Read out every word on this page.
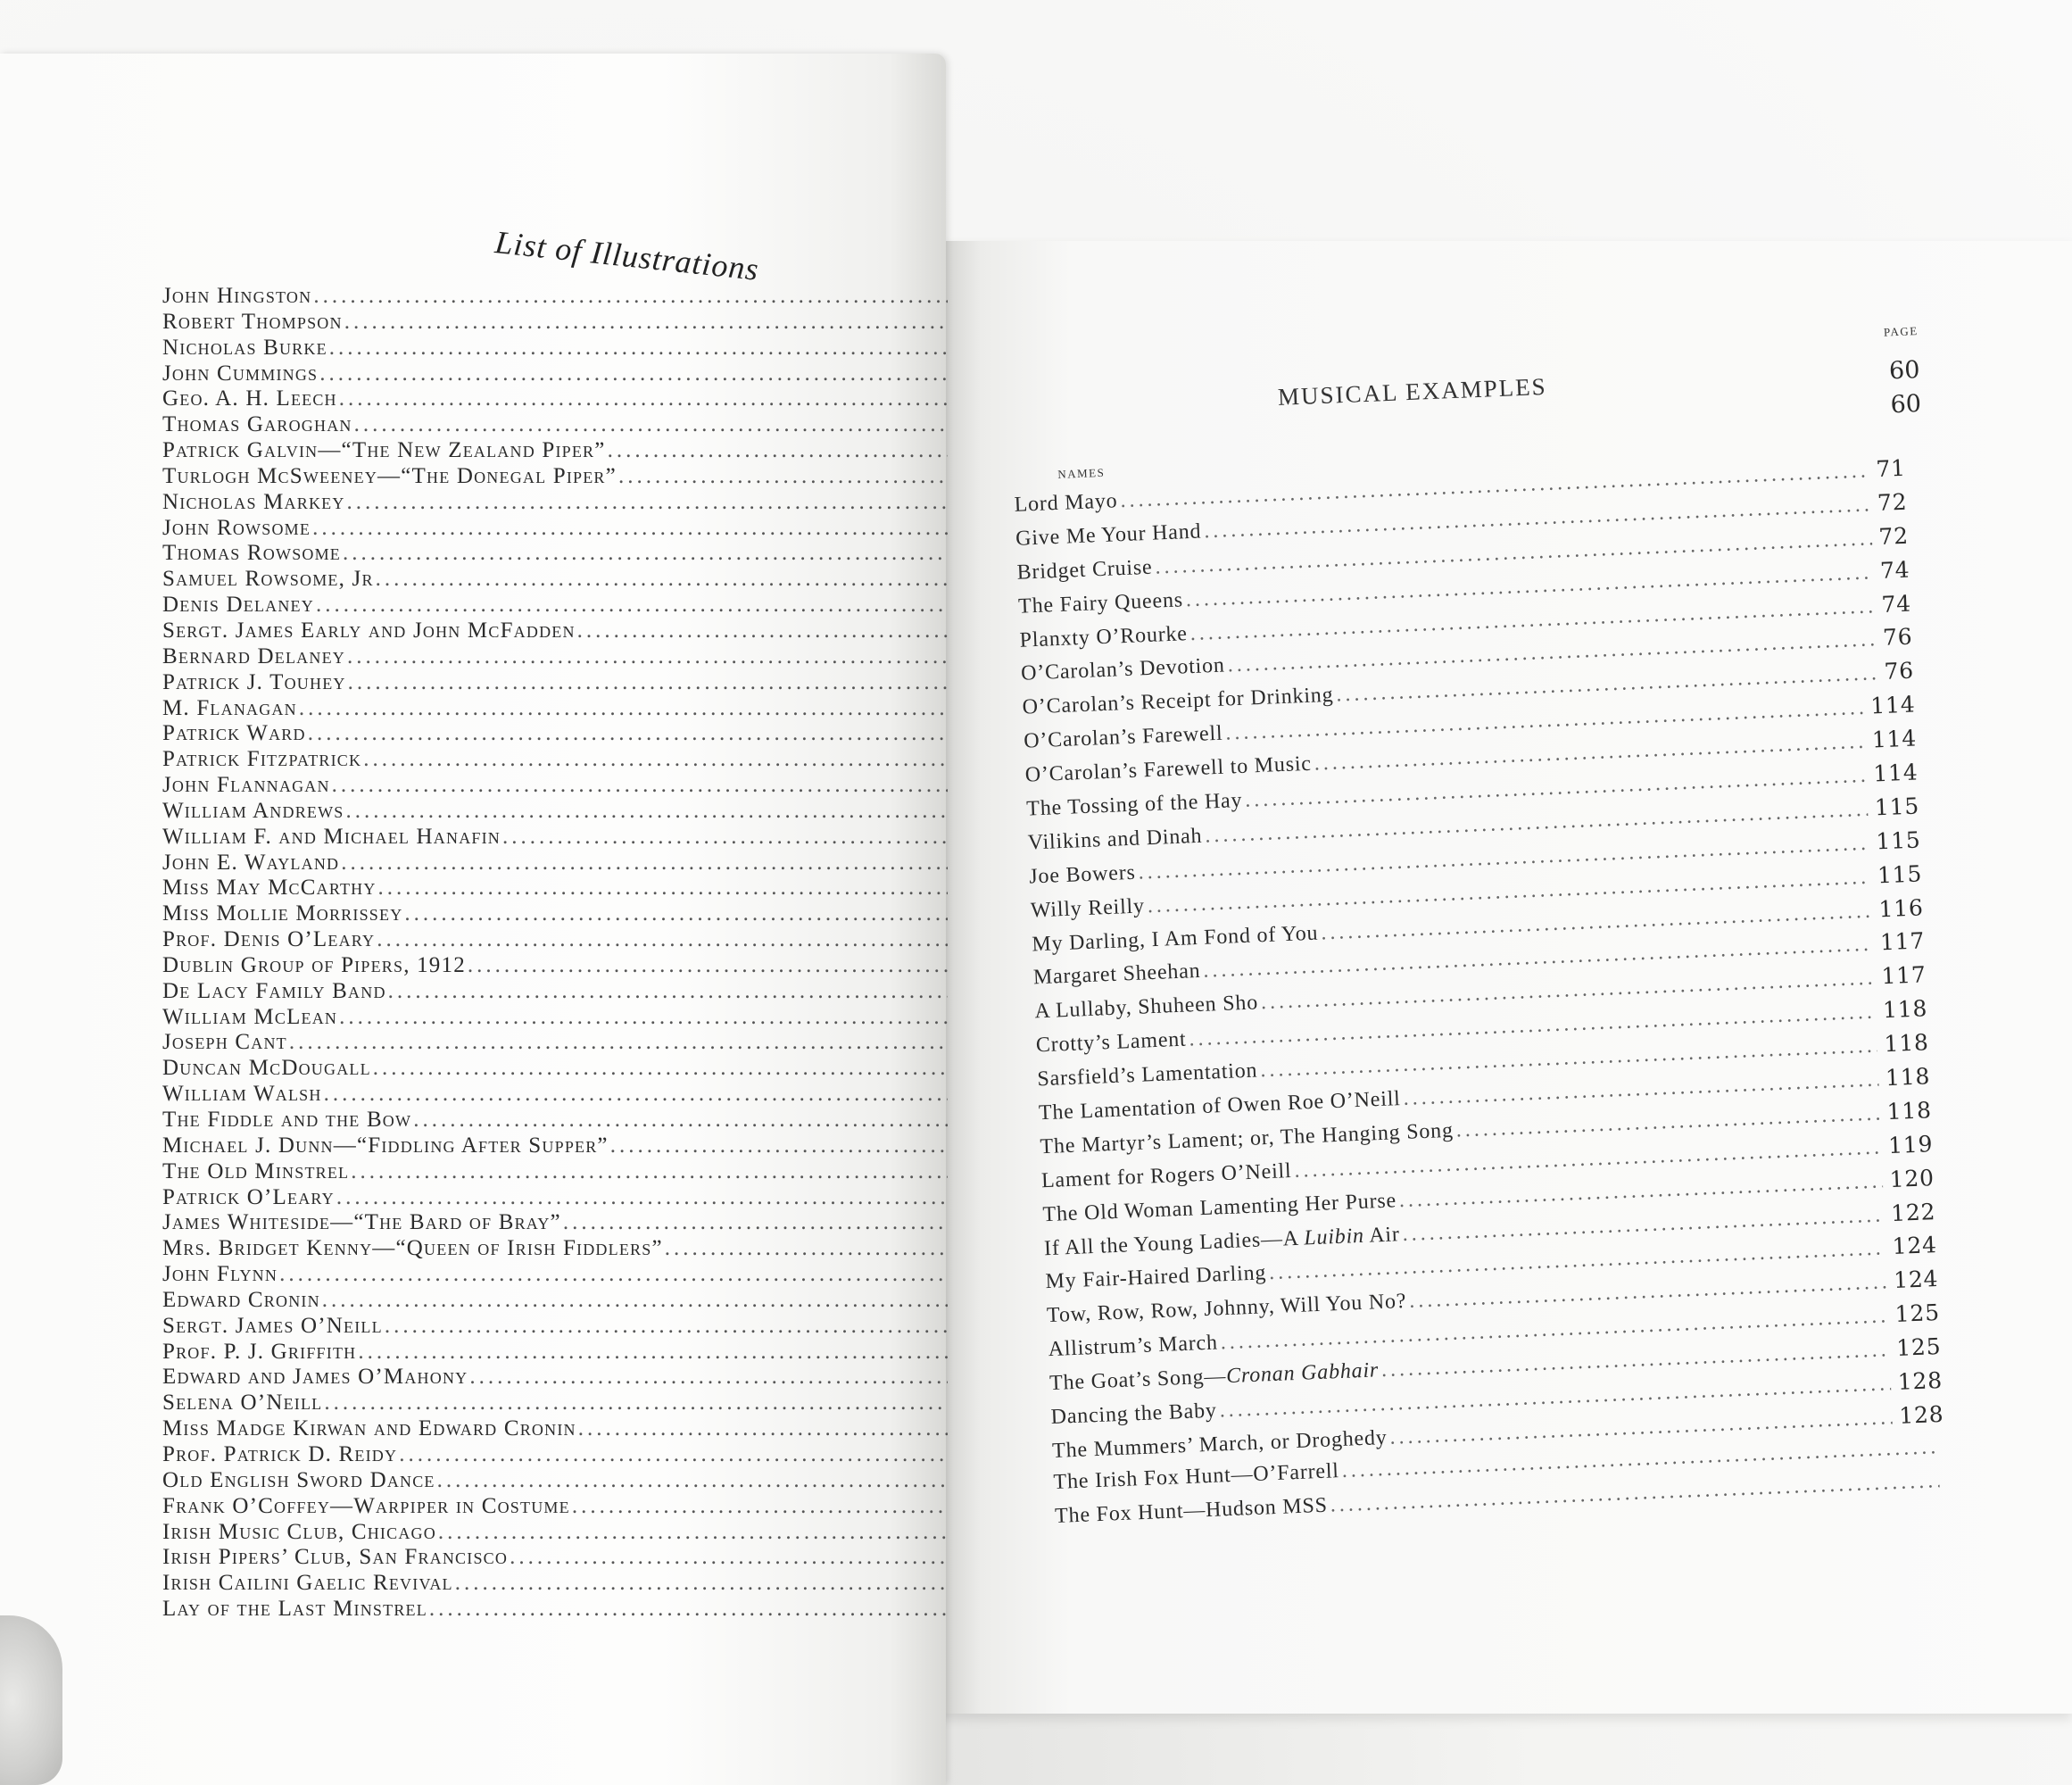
List of Illustrations
John Hingston
.....
Robert Thompson
.....
Nicholas Burke
.....
John Cummings
.....
Geo. A. H. Leech
.....
Thomas Garoghan
.....
Patrick Galvin—“The New Zealand Piper”
.....
Turlogh McSweeney—“The Donegal Piper”
.....
Nicholas Markey
.....
John Rowsome
.....
Thomas Rowsome
.....
Samuel Rowsome, Jr
.....
Denis Delaney
.....
Sergt. James Early and John McFadden
.....
Bernard Delaney
.....
Patrick J. Touhey
.....
M. Flanagan
.....
Patrick Ward
.....
Patrick Fitzpatrick
.....
John Flannagan
.....
William Andrews
.....
William F. and Michael Hanafin
.....
John E. Wayland
.....
Miss May McCarthy
.....
Miss Mollie Morrissey
.....
Prof. Denis O’Leary
.....
Dublin Group of Pipers, 1912
.....
De Lacy Family Band
.....
William McLean
.....
Joseph Cant
.....
Duncan McDougall
.....
William Walsh
.....
The Fiddle and the Bow
.....
Michael J. Dunn—“Fiddling After Supper”
.....
The Old Minstrel
.....
Patrick O’Leary
.....
James Whiteside—“The Bard of Bray”
.....
Mrs. Bridget Kenny—“Queen of Irish Fiddlers”
.....
John Flynn
.....
Edward Cronin
.....
Sergt. James O’Neill
.....
Prof. P. J. Griffith
.....
Edward and James O’Mahony
.....
Selena O’Neill
.....
Miss Madge Kirwan and Edward Cronin
.....
Prof. Patrick D. Reidy
.....
Old English Sword Dance
.....
Frank O’Coffey—Warpiper in Costume
.....
Irish Music Club, Chicago
.....
Irish Pipers’ Club, San Francisco
.....
Irish Cailini Gaelic Revival
.....
Lay of the Last Minstrel
.....
page
MUSICAL EXAMPLES
60
60
names
Lord Mayo
.....
71
Give Me Your Hand
.....
72
Bridget Cruise
.....
72
The Fairy Queens
.....
74
Planxty O’Rourke
.....
74
O’Carolan’s Devotion
.....
76
O’Carolan’s Receipt for Drinking
.....
76
O’Carolan’s Farewell
.....
114
O’Carolan’s Farewell to Music
.....
114
The Tossing of the Hay
.....
114
Vilikins and Dinah
.....
115
Joe Bowers
.....
115
Willy Reilly
.....
115
My Darling, I Am Fond of You
.....
116
Margaret Sheehan
.....
117
A Lullaby, Shuheen Sho
.....
117
Crotty’s Lament
.....
118
Sarsfield’s Lamentation
.....
118
The Lamentation of Owen Roe O’Neill
.....
118
The Martyr’s Lament; or, The Hanging Song
.....
118
Lament for Rogers O’Neill
.....
119
The Old Woman Lamenting Her Purse
.....
120
If All the Young Ladies—A Luibin Air
.....
122
My Fair-Haired Darling
.....
124
Tow, Row, Row, Johnny, Will You No?
.....
124
Allistrum’s March
.....
125
The Goat’s Song—Cronan Gabhair
.....
125
Dancing the Baby
.....
128
The Mummers’ March, or Droghedy
.....
128
The Irish Fox Hunt—O’Farrell
.....
The Fox Hunt—Hudson MSS
.....
